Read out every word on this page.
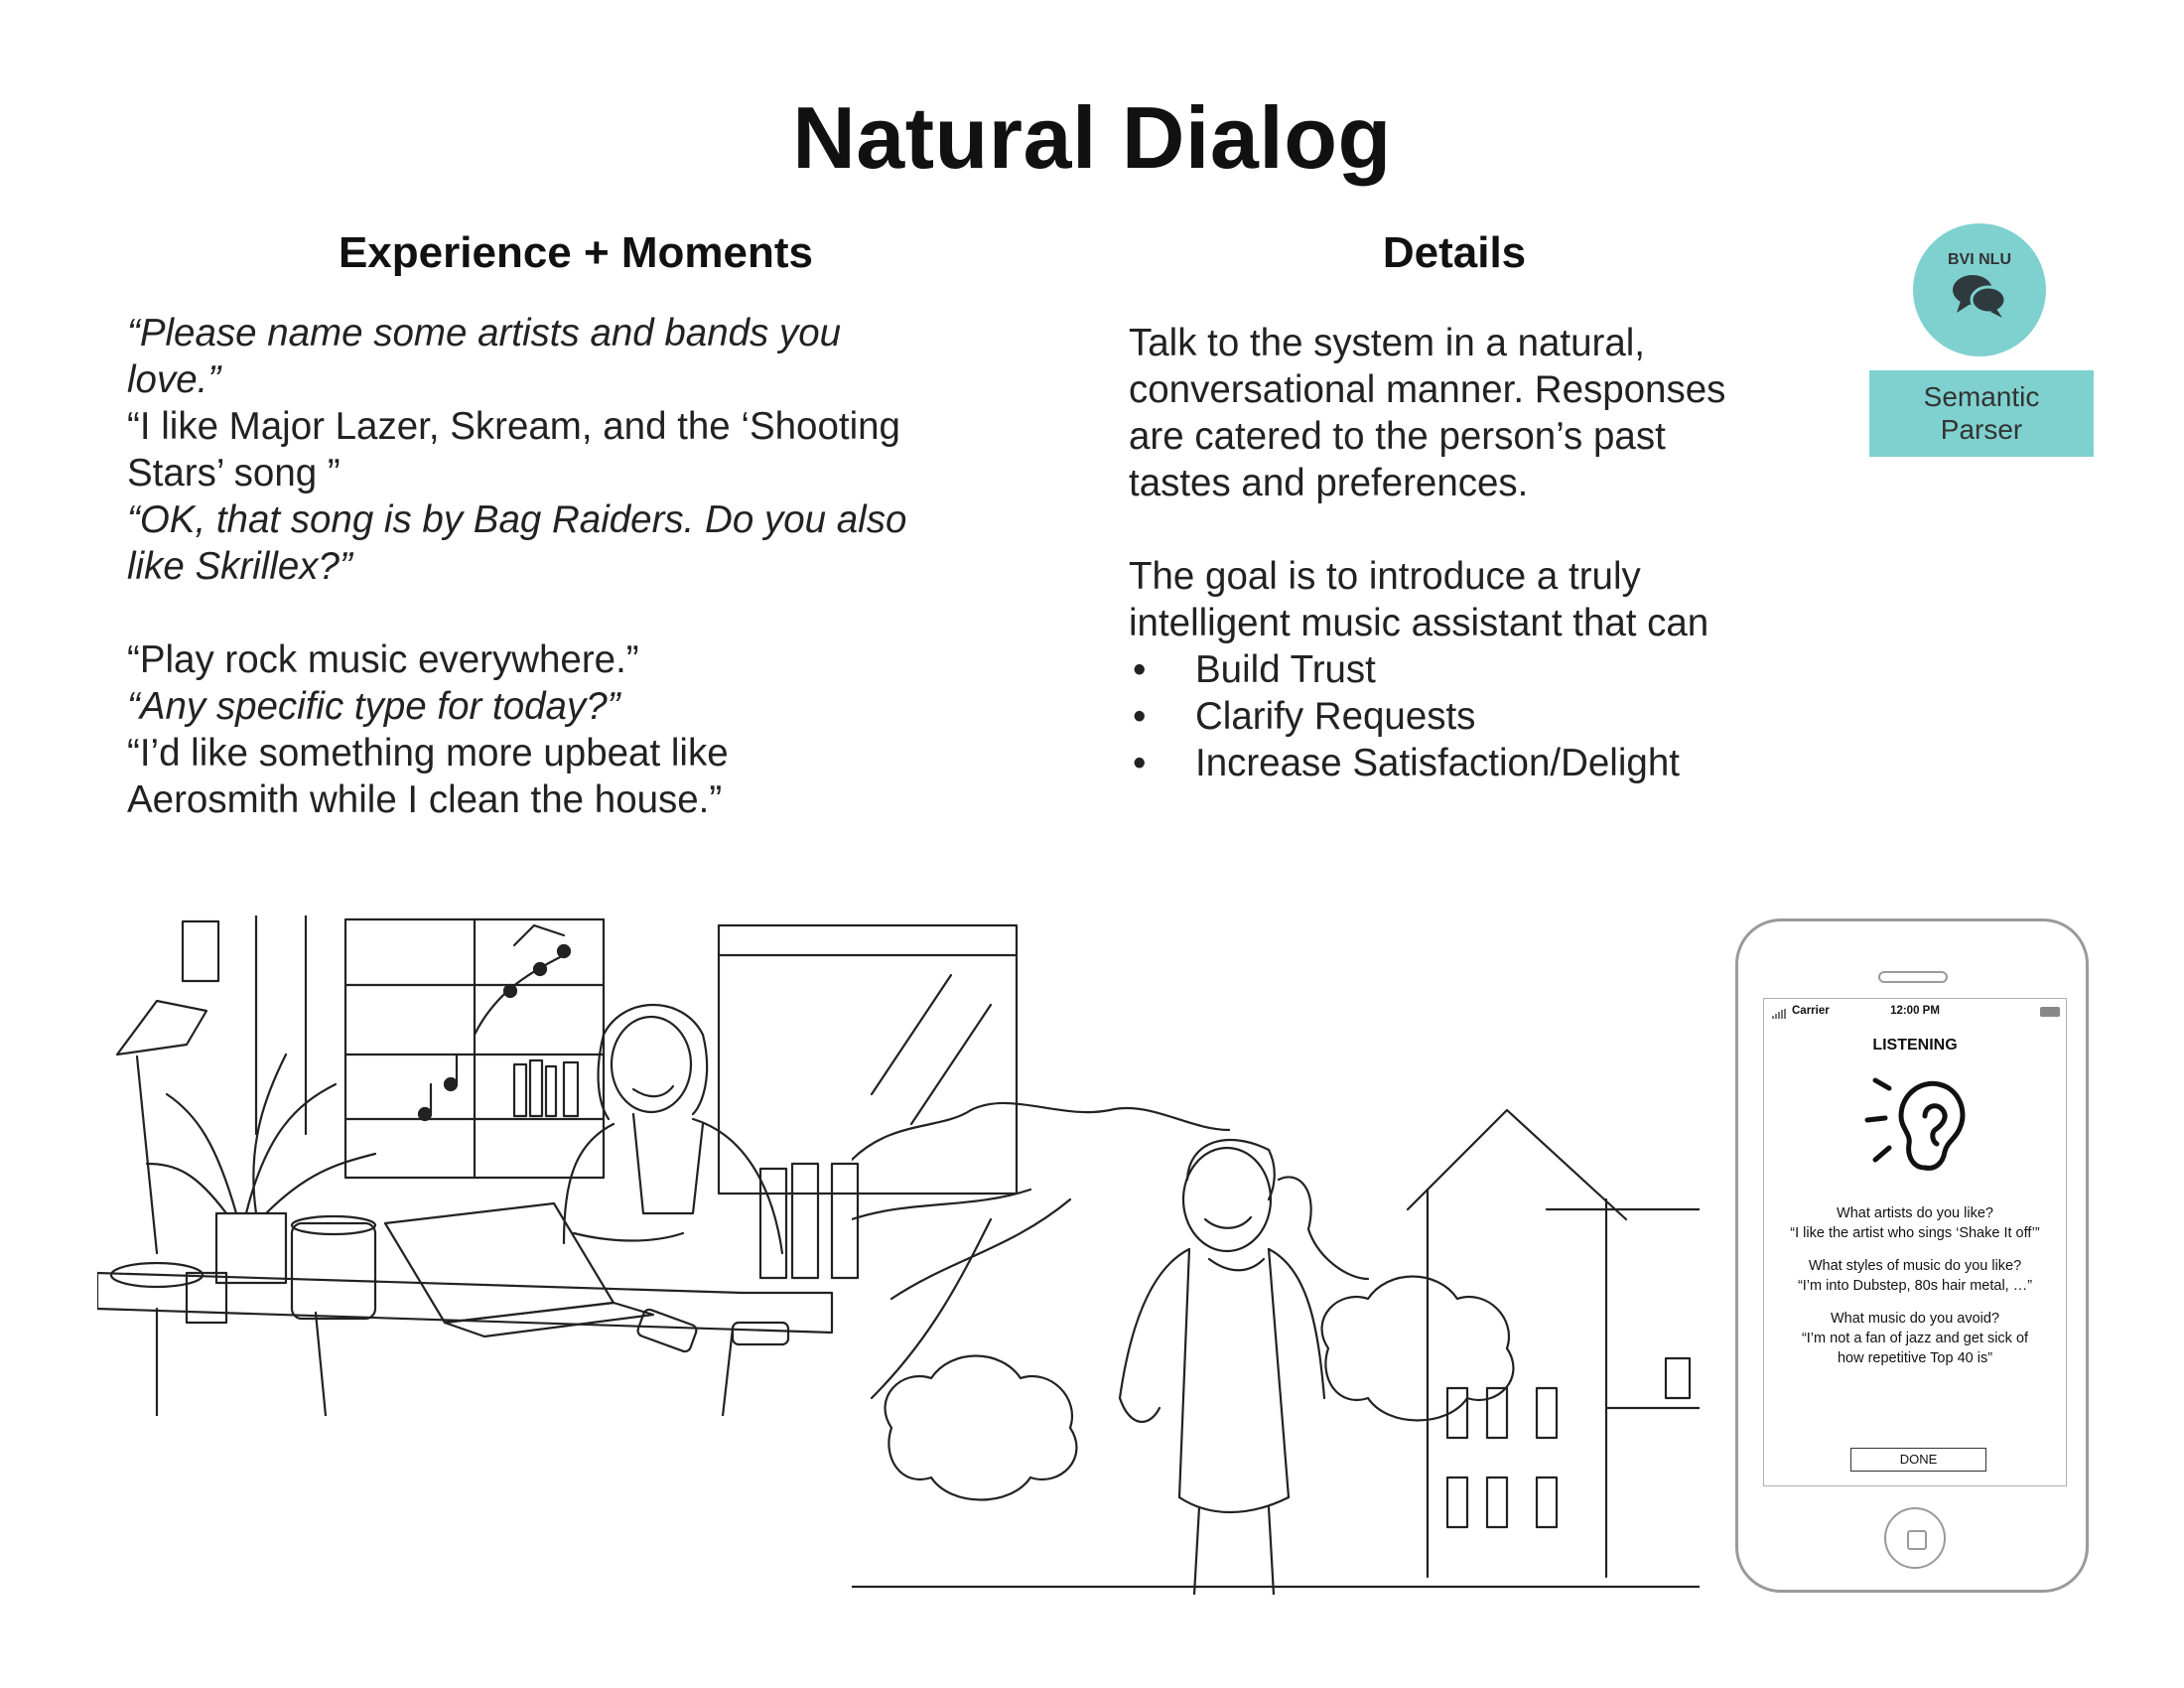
Natural Dialog
Experience + Moments	Details

“Please name some artists and bands you

love.”

“I like Major Lazer, Skream, and the ‘Shooting

Stars’ song ”

“OK, that song is by Bag Raiders. Do you also

like Skrillex?”

“Play rock music everywhere.”

“Any specific type for today?”

“I’d like something more upbeat like

Aerosmith while I clean the house.”

Talk to the system in a natural,

conversational manner. Responses

are catered to the person’s past

tastes and preferences.

The goal is to introduce a truly

intelligent music assistant that can

• Build Trust
• Clarify Requests
• Increase Satisfaction/Delight
BVI NLU
Semantic
Parser
Carrier	12:00 PM
LISTENING
What artists do you like?
“I like the artist who sings ‘Shake It off’”
What styles of music do you like?
“I’m into Dubstep, 80s hair metal, …”
What music do you avoid?
“I’m not a fan of jazz and get sick of
how repetitive Top 40 is”
DONE
